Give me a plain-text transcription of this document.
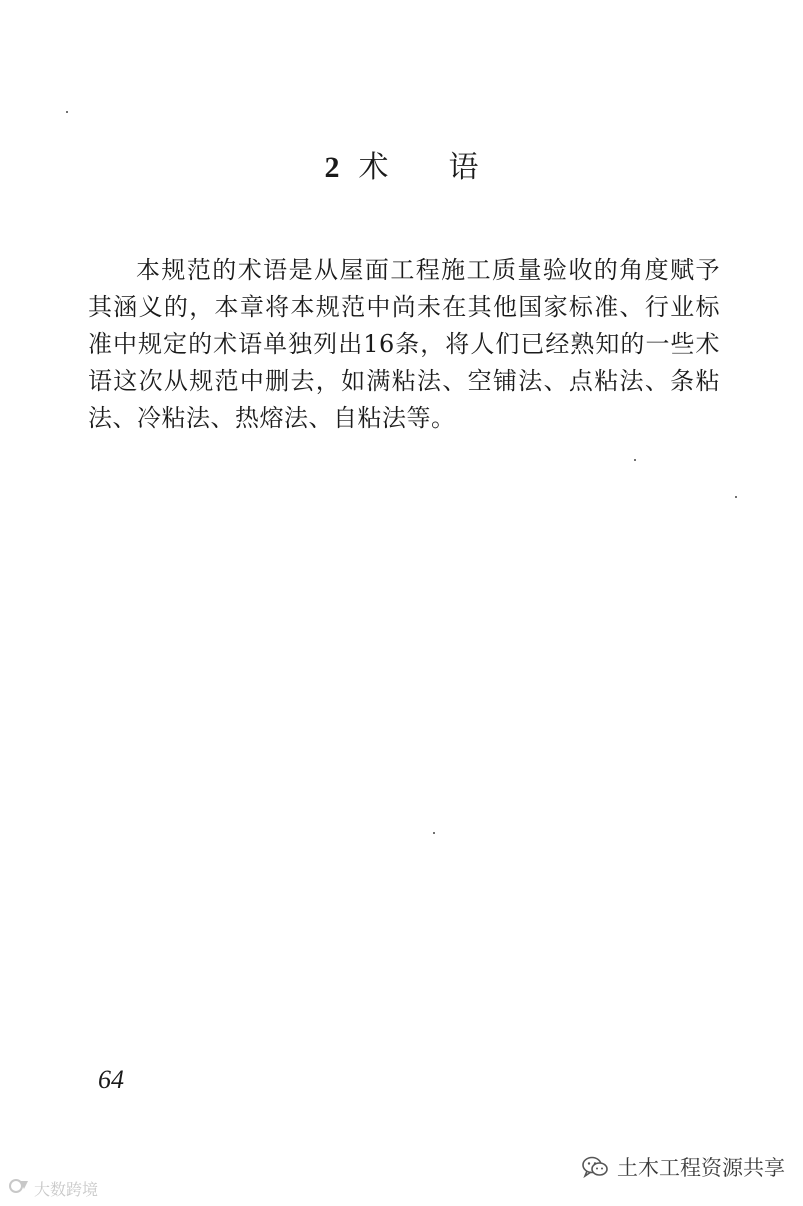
2 术　　语

本规范的术语是从屋面工程施工质量验收的角度赋予其涵义的，本章将本规范中尚未在其他国家标准、行业标准中规定的术语单独列出16条，将人们已经熟知的一些术语这次从规范中删去，如满粘法、空铺法、点粘法、条粘法、冷粘法、热熔法、自粘法等。

64
大数跨境
土木工程资源共享
